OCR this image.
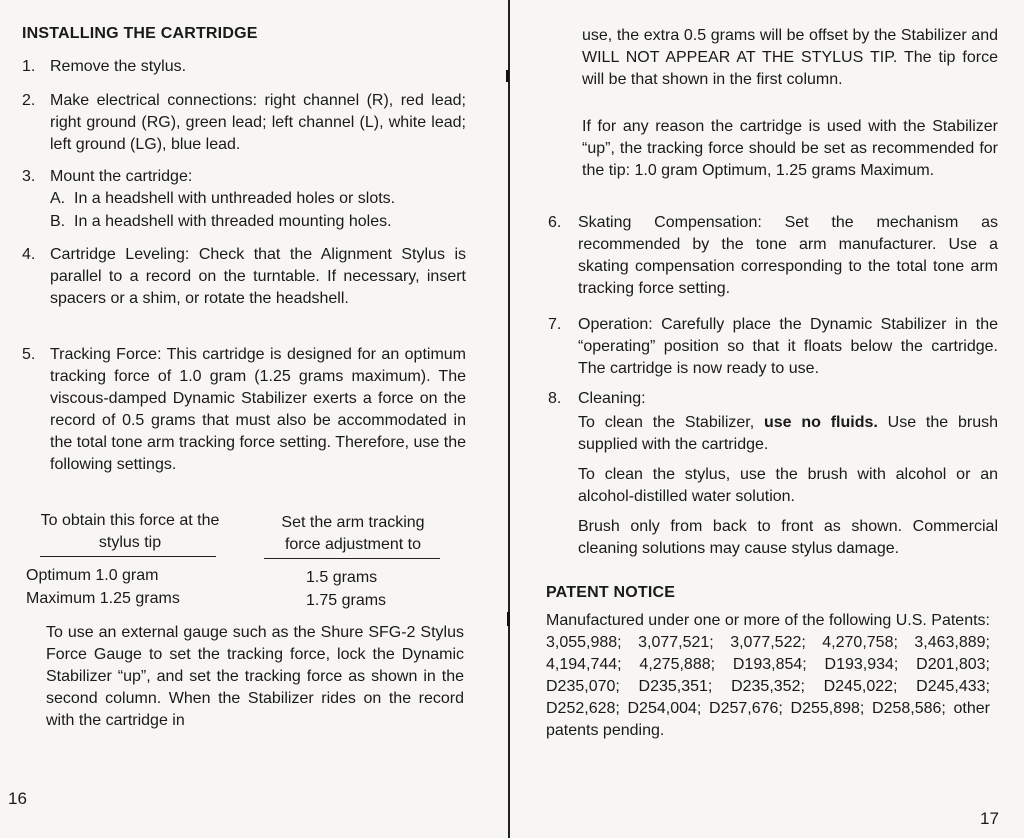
INSTALLING THE CARTRIDGE
1. Remove the stylus.
2. Make electrical connections: right channel (R), red lead; right ground (RG), green lead; left channel (L), white lead; left ground (LG), blue lead.
3. Mount the cartridge:
A.  In a headshell with unthreaded holes or slots.
B.  In a headshell with threaded mounting holes.
4. Cartridge Leveling: Check that the Alignment Stylus is parallel to a record on the turntable. If necessary, insert spacers or a shim, or rotate the headshell.
5. Tracking Force: This cartridge is designed for an optimum tracking force of 1.0 gram (1.25 grams maximum). The viscous-damped Dynamic Stabilizer exerts a force on the record of 0.5 grams that must also be accommodated in the total tone arm tracking force setting. Therefore, use the following settings.
To obtain this force at the stylus tip
Set the arm tracking force adjustment to
Optimum 1.0 gram	1.5 grams
Maximum 1.25 grams	1.75 grams
To use an external gauge such as the Shure SFG-2 Stylus Force Gauge to set the tracking force, lock the Dynamic Stabilizer “up”, and set the tracking force as shown in the second column. When the Stabilizer rides on the record with the cartridge in
16
use, the extra 0.5 grams will be offset by the Stabilizer and WILL NOT APPEAR AT THE STYLUS TIP. The tip force will be that shown in the first column.
If for any reason the cartridge is used with the Stabilizer “up”, the tracking force should be set as recommended for the tip: 1.0 gram Optimum, 1.25 grams Maximum.
6. Skating Compensation: Set the mechanism as recommended by the tone arm manufacturer. Use a skating compensation corresponding to the total tone arm tracking force setting.
7. Operation: Carefully place the Dynamic Stabilizer in the “operating” position so that it floats below the cartridge. The cartridge is now ready to use.
8. Cleaning:
To clean the Stabilizer, use no fluids. Use the brush supplied with the cartridge.
To clean the stylus, use the brush with alcohol or an alcohol-distilled water solution.
Brush only from back to front as shown. Commercial cleaning solutions may cause stylus damage.
PATENT NOTICE
Manufactured under one or more of the following U.S. Patents: 3,055,988; 3,077,521; 3,077,522; 4,270,758; 3,463,889; 4,194,744; 4,275,888; D193,854; D193,934; D201,803; D235,070; D235,351; D235,352; D245,022; D245,433; D252,628; D254,004; D257,676; D255,898; D258,586; other patents pending.
17
